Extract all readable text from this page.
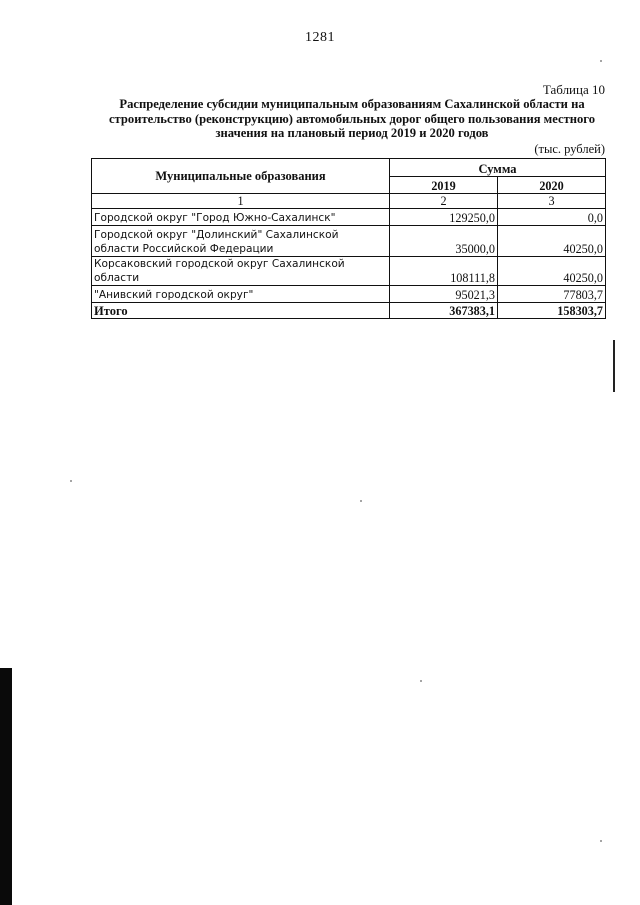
1281
Таблица 10
Распределение субсидии муниципальным образованиям Сахалинской области на строительство (реконструкцию) автомобильных дорог общего пользования местного значения на плановый период 2019 и 2020 годов
(тыс. рублей)
Муниципальные образования	Сумма	
	2019	2020
1	2	3
Городской округ "Город Южно-Сахалинск"	129250,0	0,0
Городской округ "Долинский" Сахалинской области Российской Федерации	35000,0	40250,0
Корсаковский городской округ Сахалинской области	108111,8	40250,0
"Анивский городской округ"	95021,3	77803,7
Итого	367383,1	158303,7
